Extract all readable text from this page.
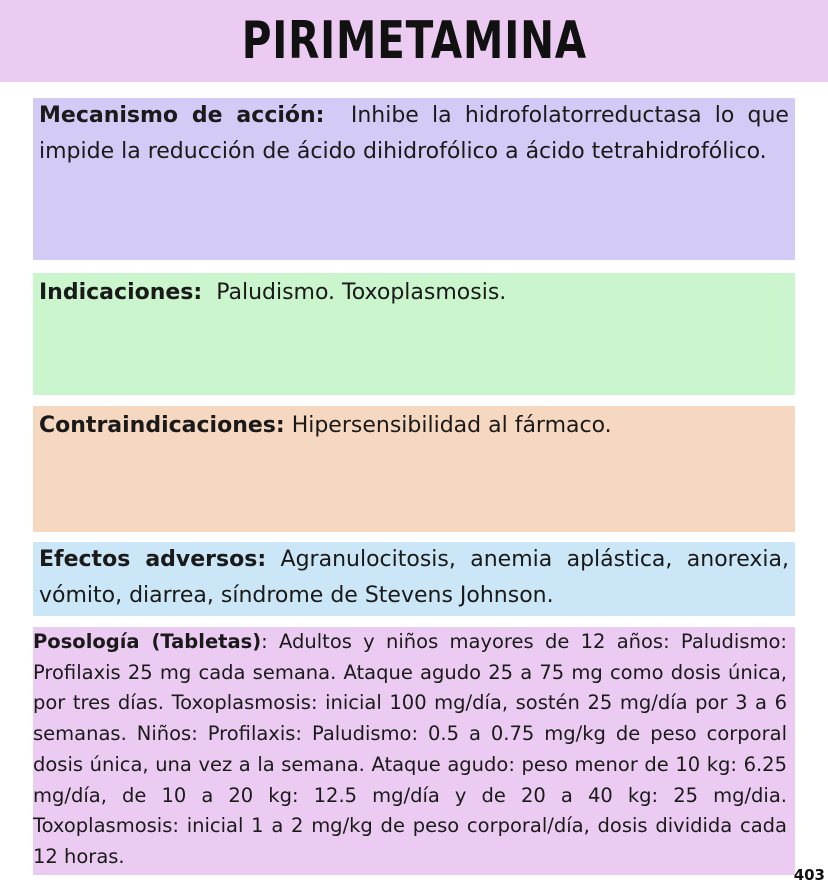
PIRIMETAMINA
Mecanismo de acción: Inhibe la hidrofolatorreductasa lo que impide la reducción de ácido dihidrofólico a ácido tetrahidrofólico.
Indicaciones: Paludismo. Toxoplasmosis.
Contraindicaciones: Hipersensibilidad al fármaco.
Efectos adversos: Agranulocitosis, anemia aplástica, anorexia, vómito, diarrea, síndrome de Stevens Johnson.
Posología (Tabletas): Adultos y niños mayores de 12 años: Paludismo: Profilaxis 25 mg cada semana. Ataque agudo 25 a 75 mg como dosis única, por tres días. Toxoplasmosis: inicial 100 mg/día, sostén 25 mg/día por 3 a 6 semanas. Niños: Profilaxis: Paludismo: 0.5 a 0.75 mg/kg de peso corporal dosis única, una vez a la semana. Ataque agudo: peso menor de 10 kg: 6.25 mg/día, de 10 a 20 kg: 12.5 mg/día y de 20 a 40 kg: 25 mg/dia. Toxoplasmosis: inicial 1 a 2 mg/kg de peso corporal/día, dosis dividida cada 12 horas.
403
